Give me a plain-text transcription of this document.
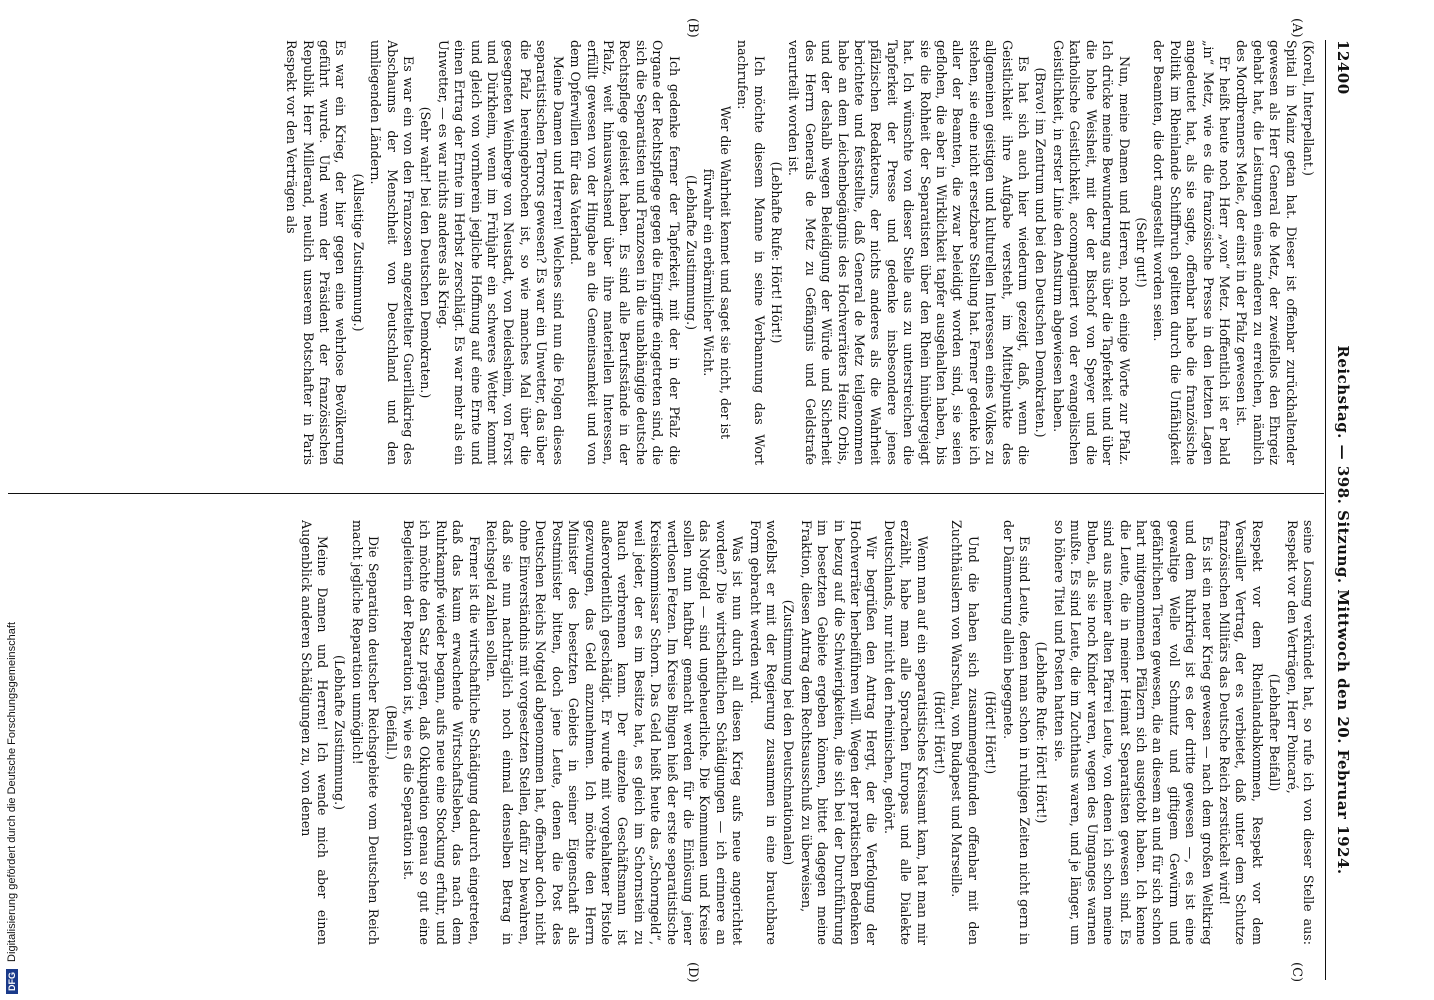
12400
Reichstag. — 398. Sitzung. Mittwoch den 20. Februar 1924.
(A)
(B)
(C)
(D)

(Korell, Interpellant.)

Spital in Mainz getan hat. Dieser ist offenbar zurückhaltender gewesen als Herr General de Metz, der zweifellos den Ehrgeiz gehabt hat, die Leistungen eines anderen zu erreichen, nämlich des Mordbrenners Melac, der einst in der Pfalz gewesen ist.

Er heißt heute noch Herr „von“ Metz. Hoffentlich ist er bald „in“ Metz, wie es die französische Presse in den letzten Lagen angedeutet hat, als sie sagte, offenbar habe die französische Politik im Rheinlande Schiffbruch gelitten durch die Unfähigkeit der Beamten, die dort angestellt worden seien.

(Sehr gut!)

Nun, meine Damen und Herren, noch einige Worte zur Pfalz. Ich drücke meine Bewunderung aus über die Tapferkeit und über die hohe Weisheit, mit der der Bischof von Speyer und die katholische Geistlichkeit, accompagniert von der evangelischen Geistlichkeit, in erster Linie den Ansturm abgewiesen haben.

(Bravo! im Zentrum und bei den Deutschen Demokraten.)

Es hat sich auch hier wiederum gezeigt, daß, wenn die Geistlichkeit ihre Aufgabe versteht, im Mittelpunkte des allgemeinen geistigen und kulturellen Interessen eines Volkes zu stehen, sie eine nicht ersetzbare Stellung hat. Ferner gedenke ich aller der Beamten, die zwar beleidigt worden sind, sie seien geflohen, die aber in Wirklichkeit tapfer ausgehalten haben, bis sie die Rohheit der Separatisten über den Rhein hinübergejagt hat. Ich wünschte von dieser Stelle aus zu unterstreichen die Tapferkeit der Presse und gedenke insbesondere jenes pfälzischen Redakteurs, der nichts anderes als die Wahrheit berichtete und feststellte, daß General de Metz teilgenommen habe an dem Leichenbegängnis des Hochverräters Heinz Orbis, und der deshalb wegen Beleidigung der Würde und Sicherheit des Herrn Generals de Metz zu Gefängnis und Geldstrafe verurteilt worden ist.

(Lebhafte Rufe: Hört! Hört!)

Ich möchte diesem Manne in seine Verbannung das Wort nachrufen:

Wer die Wahrheit kennet und saget sie nicht, der ist fürwahr ein erbärmlicher Wicht.

(Lebhafte Zustimmung.)

Ich gedenke ferner der Tapferkeit, mit der in der Pfalz die Organe der Rechtspflege gegen die Eingriffe eingetreten sind, die sich die Separatisten und Franzosen in die unabhängige deutsche Rechtspflege geleistet haben. Es sind alle Berufsstände in der Pfalz, weit hinauswachsend über ihre materiellen Interessen, erfüllt gewesen von der Hingabe an die Gemeinsamkeit und von dem Opferwillen für das Vaterland.

Meine Damen und Herren! Welches sind nun die Folgen dieses separatistischen Terrors gewesen? Es war ein Unwetter, das über die Pfalz hereingebrochen ist, so wie manches Mal über die gesegneten Weinberge von Neustadt, von Deidesheim, von Forst und Dürkheim, wenn im Frühjahr ein schweres Wetter kommt und gleich von vornherein jegliche Hoffnung auf eine Ernte und einen Ertrag der Ernte im Herbst zerschlägt. Es war mehr als ein Unwetter, — es war nichts anderes als Krieg.

(Sehr wahr! bei den Deutschen Demokraten.)

Es war ein von den Franzosen angezettelter Guerillakrieg des Abschaums der Menschheit von Deutschland und den umliegenden Ländern.

(Allseitige Zustimmung.)

Es war ein Krieg, der hier gegen eine wehrlose Bevölkerung geführt wurde. Und wenn der Präsident der französischen Republik Herr Millerand, neulich unserem Botschafter in Paris Respekt vor den Verträgen als

seine Losung verkündet hat, so rufe ich von dieser Stelle aus: Respekt vor den Verträgen, Herr Poincaré,

(Lebhafter Beifall)

Respekt vor dem Rheinlandabkommen, Respekt vor dem Versailler Vertrag, der es verbietet, daß unter dem Schutze französischen Militärs das Deutsche Reich zerstückelt wird!

Es ist ein neuer Krieg gewesen — nach dem großen Weltkrieg und dem Ruhrkrieg ist es der dritte gewesen —, es ist eine gewaltige Welle voll Schmutz und giftigem Gewürm und gefährlichen Tieren gewesen, die an diesem an und für sich schon hart mitgenommenen Pfälzern sich ausgetobt haben. Ich kenne die Leute, die in meiner Heimat Separatisten gewesen sind. Es sind aus meiner alten Pfarrei Leute, von denen ich schon meine Buben, als sie noch Kinder waren, wegen des Umganges warnen mußte. Es sind Leute, die im Zuchthaus waren, und je länger, um so höhere Titel und Posten hatten sie.

(Lebhafte Rufe: Hört! Hört!)

Es sind Leute, denen man schon in ruhigen Zeiten nicht gern in der Dämmerung allein begegnete.

(Hört! Hört!)

Und die haben sich zusammengefunden offenbar mit den Zuchthäuslern von Warschau, von Budapest und Marseille.

(Hört! Hört!)

Wenn man auf ein separatistisches Kreisamt kam, hat man mir erzählt, habe man alle Sprachen Europas und alle Dialekte Deutschlands, nur nicht den rheinischen, gehört.

Wir begrüßen den Antrag Hergt, der die Verfolgung der Hochverräter herbeiführen will. Wegen der praktischen Bedenken in bezug auf die Schwierigkeiten, die sich bei der Durchführung im besetzten Gebiete ergeben können, bittet dagegen meine Fraktion, diesen Antrag dem Rechtsausschuß zu überweisen,

(Zustimmung bei den Deutschnationalen)

wofelbst er mit der Regierung zusammen in eine brauchbare Form gebracht werden wird.

Was ist nun durch all diesen Krieg aufs neue angerichtet worden? Die wirtschaftlichen Schädigungen — ich erinnere an das Notgeld — sind ungeheuerliche. Die Kommunen und Kreise sollen nun haftbar gemacht werden für die Einlösung jener wertlosen Fetzen. Im Kreise Bingen hieß der erste separatistische Kreiskommissar Schorn. Das Geld heißt heute das „Schorngeld“, weil jeder, der es im Besitze hat, es gleich im Schornstein zu Rauch verbrennen kann. Der einzelne Geschäftsmann ist außerordentlich geschädigt. Er wurde mit vorgehaltener Pistole gezwungen, das Geld anzunehmen. Ich möchte den Herrn Minister des besetzten Gebiets in seiner Eigenschaft als Postminister bitten, doch jene Leute, denen die Post des Deutschen Reichs Notgeld abgenommen hat, offenbar doch nicht ohne Einverständnis mit vorgesetzten Stellen, dafür zu bewahren, daß sie nun nachträglich noch einmal denselben Betrag in Reichsgeld zahlen sollen.

Ferner ist die wirtschaftliche Schädigung dadurch eingetreten, daß das kaum erwachende Wirtschaftsleben, das nach dem Ruhrkampfe wieder begann, aufs neue eine Stockung erfuhr, und ich möchte den Satz prägen, daß Okkupation genau so gut eine Begleiterin der Reparation ist, wie es die Separation ist.

(Beifall.)

Die Separation deutscher Reichsgebiete vom Deutschen Reich macht jegliche Reparation unmöglich!

(Lebhafte Zustimmung.)

Meine Damen und Herren! Ich wende mich aber einen Augenblick anderen Schädigungen zu, von denen

DFG Digitalisierung gefördert durch die Deutsche Forschungsgemeinschaft
